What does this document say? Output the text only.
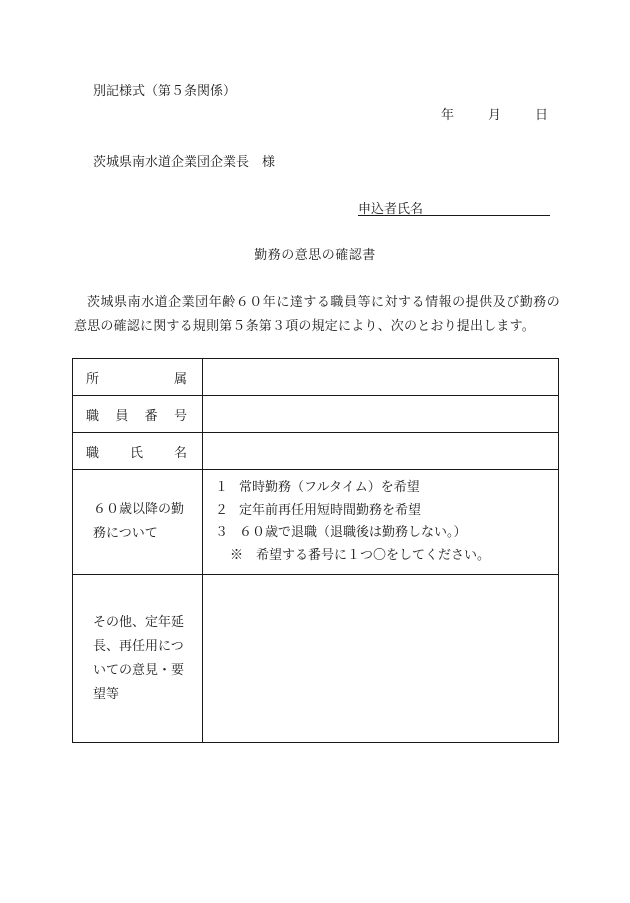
別記様式（第５条関係）
年	月	日
茨城県南水道企業団企業長　様
申込者氏名
勤務の意思の確認書
茨城県南水道企業団年齢６０年に達する職員等に対する情報の提供及び勤務の意思の確認に関する規則第５条第３項の規定により、次のとおり提出します。
所 属	

職 員 番 号	

職 氏 名	

６０歳以降の勤務について	１ 常時勤務（フルタイム）を希望
２ 定年前再任用短時間勤務を希望
３ ６０歳で退職（退職後は勤務しない。）
※　希望する番号に１つ〇をしてください。

その他、定年延長、再任用についての意見・要望等	
